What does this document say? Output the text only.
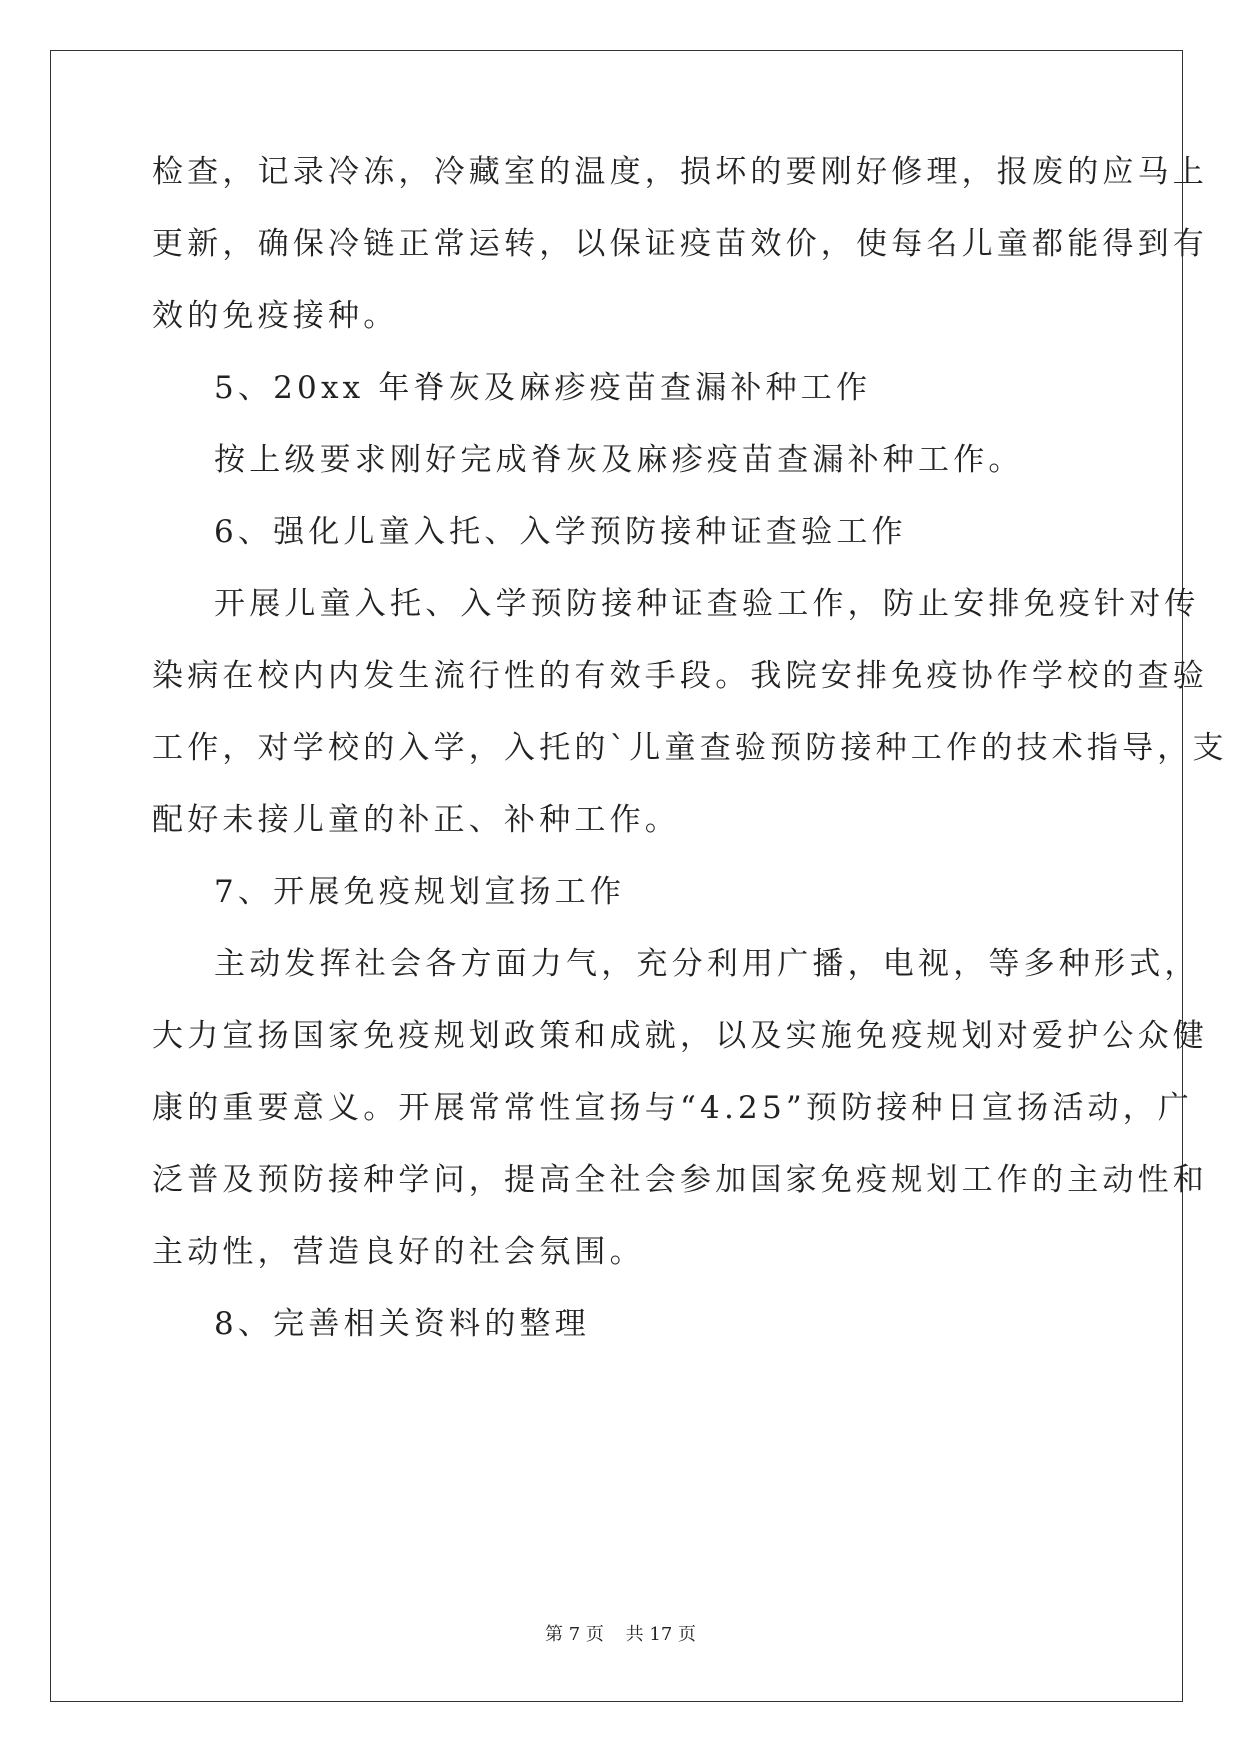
检查，记录冷冻，冷藏室的温度，损坏的要刚好修理，报废的应马上
更新，确保冷链正常运转，以保证疫苗效价，使每名儿童都能得到有
效的免疫接种。
5、20xx 年脊灰及麻疹疫苗查漏补种工作
按上级要求刚好完成脊灰及麻疹疫苗查漏补种工作。
6、强化儿童入托、入学预防接种证查验工作
开展儿童入托、入学预防接种证查验工作，防止安排免疫针对传
染病在校内内发生流行性的有效手段。我院安排免疫协作学校的查验
工作，对学校的入学，入托的`儿童查验预防接种工作的技术指导，支
配好未接儿童的补正、补种工作。
7、开展免疫规划宣扬工作
主动发挥社会各方面力气，充分利用广播，电视，等多种形式，
大力宣扬国家免疫规划政策和成就，以及实施免疫规划对爱护公众健
康的重要意义。开展常常性宣扬与“4.25”预防接种日宣扬活动，广
泛普及预防接种学问，提高全社会参加国家免疫规划工作的主动性和
主动性，营造良好的社会氛围。
8、完善相关资料的整理
第 7 页 共 17 页
